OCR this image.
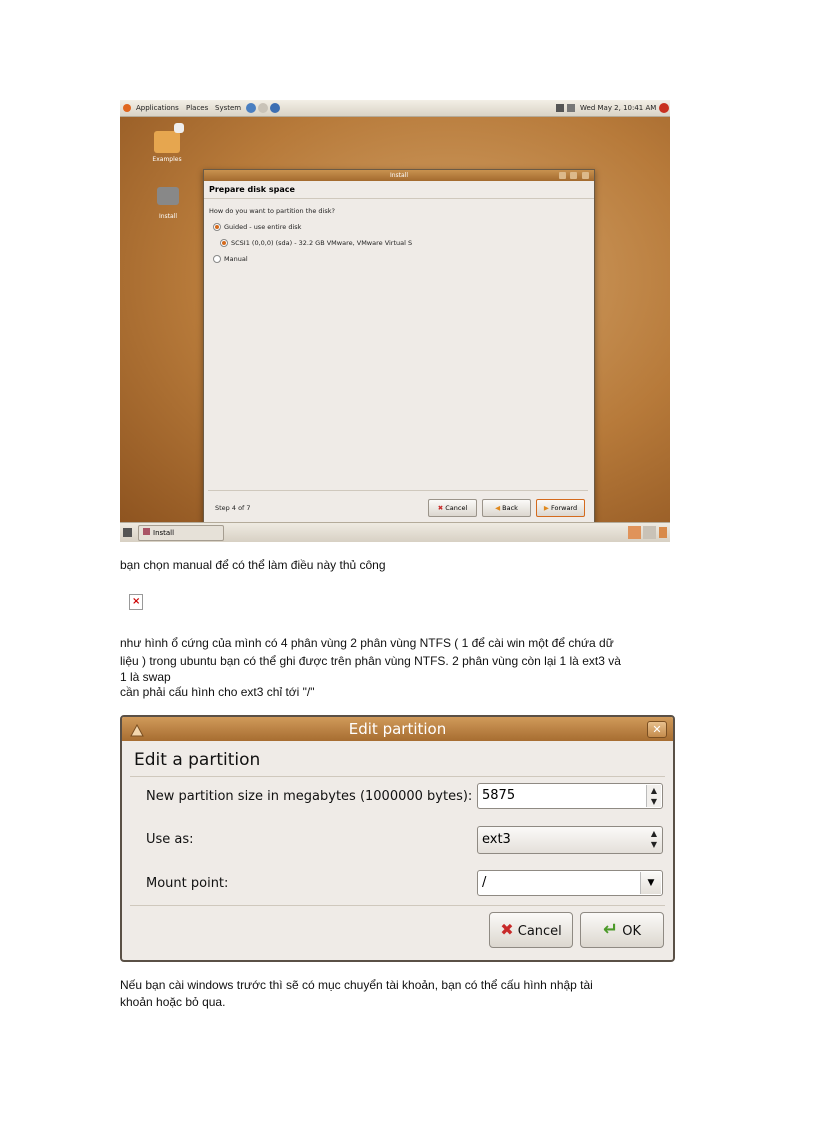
Applications Places System	Wed May 2, 10:41 AM
Examples
Install
Install
Prepare disk space
How do you want to partition the disk?
Guided - use entire disk
SCSI1 (0,0,0) (sda) - 32.2 GB VMware, VMware Virtual S
Manual
Step 4 of 7	✖ Cancel	◀ Back	▶ Forward
Install
bạn chọn manual để có thể làm điều này thủ công
×
như hình ổ cứng của mình có 4 phân vùng 2 phân vùng NTFS ( 1 để cài win một để chứa dữ
liệu ) trong ubuntu bạn có thể ghi được trên phân vùng NTFS. 2 phân vùng còn lại 1 là ext3 và
1 là swap
cần phải cấu hình cho ext3 chỉ tới "/"
Edit partition	✕
Edit a partition
New partition size in megabytes (1000000 bytes): 5875	▲
▼
Use as:	ext3	▲
▼
Mount point:	/	▼
✖ Cancel	↵ OK
Nếu bạn cài windows trước thì sẽ có mục chuyển tài khoản, bạn có thể cấu hình nhập tài
khoản hoặc bỏ qua.
